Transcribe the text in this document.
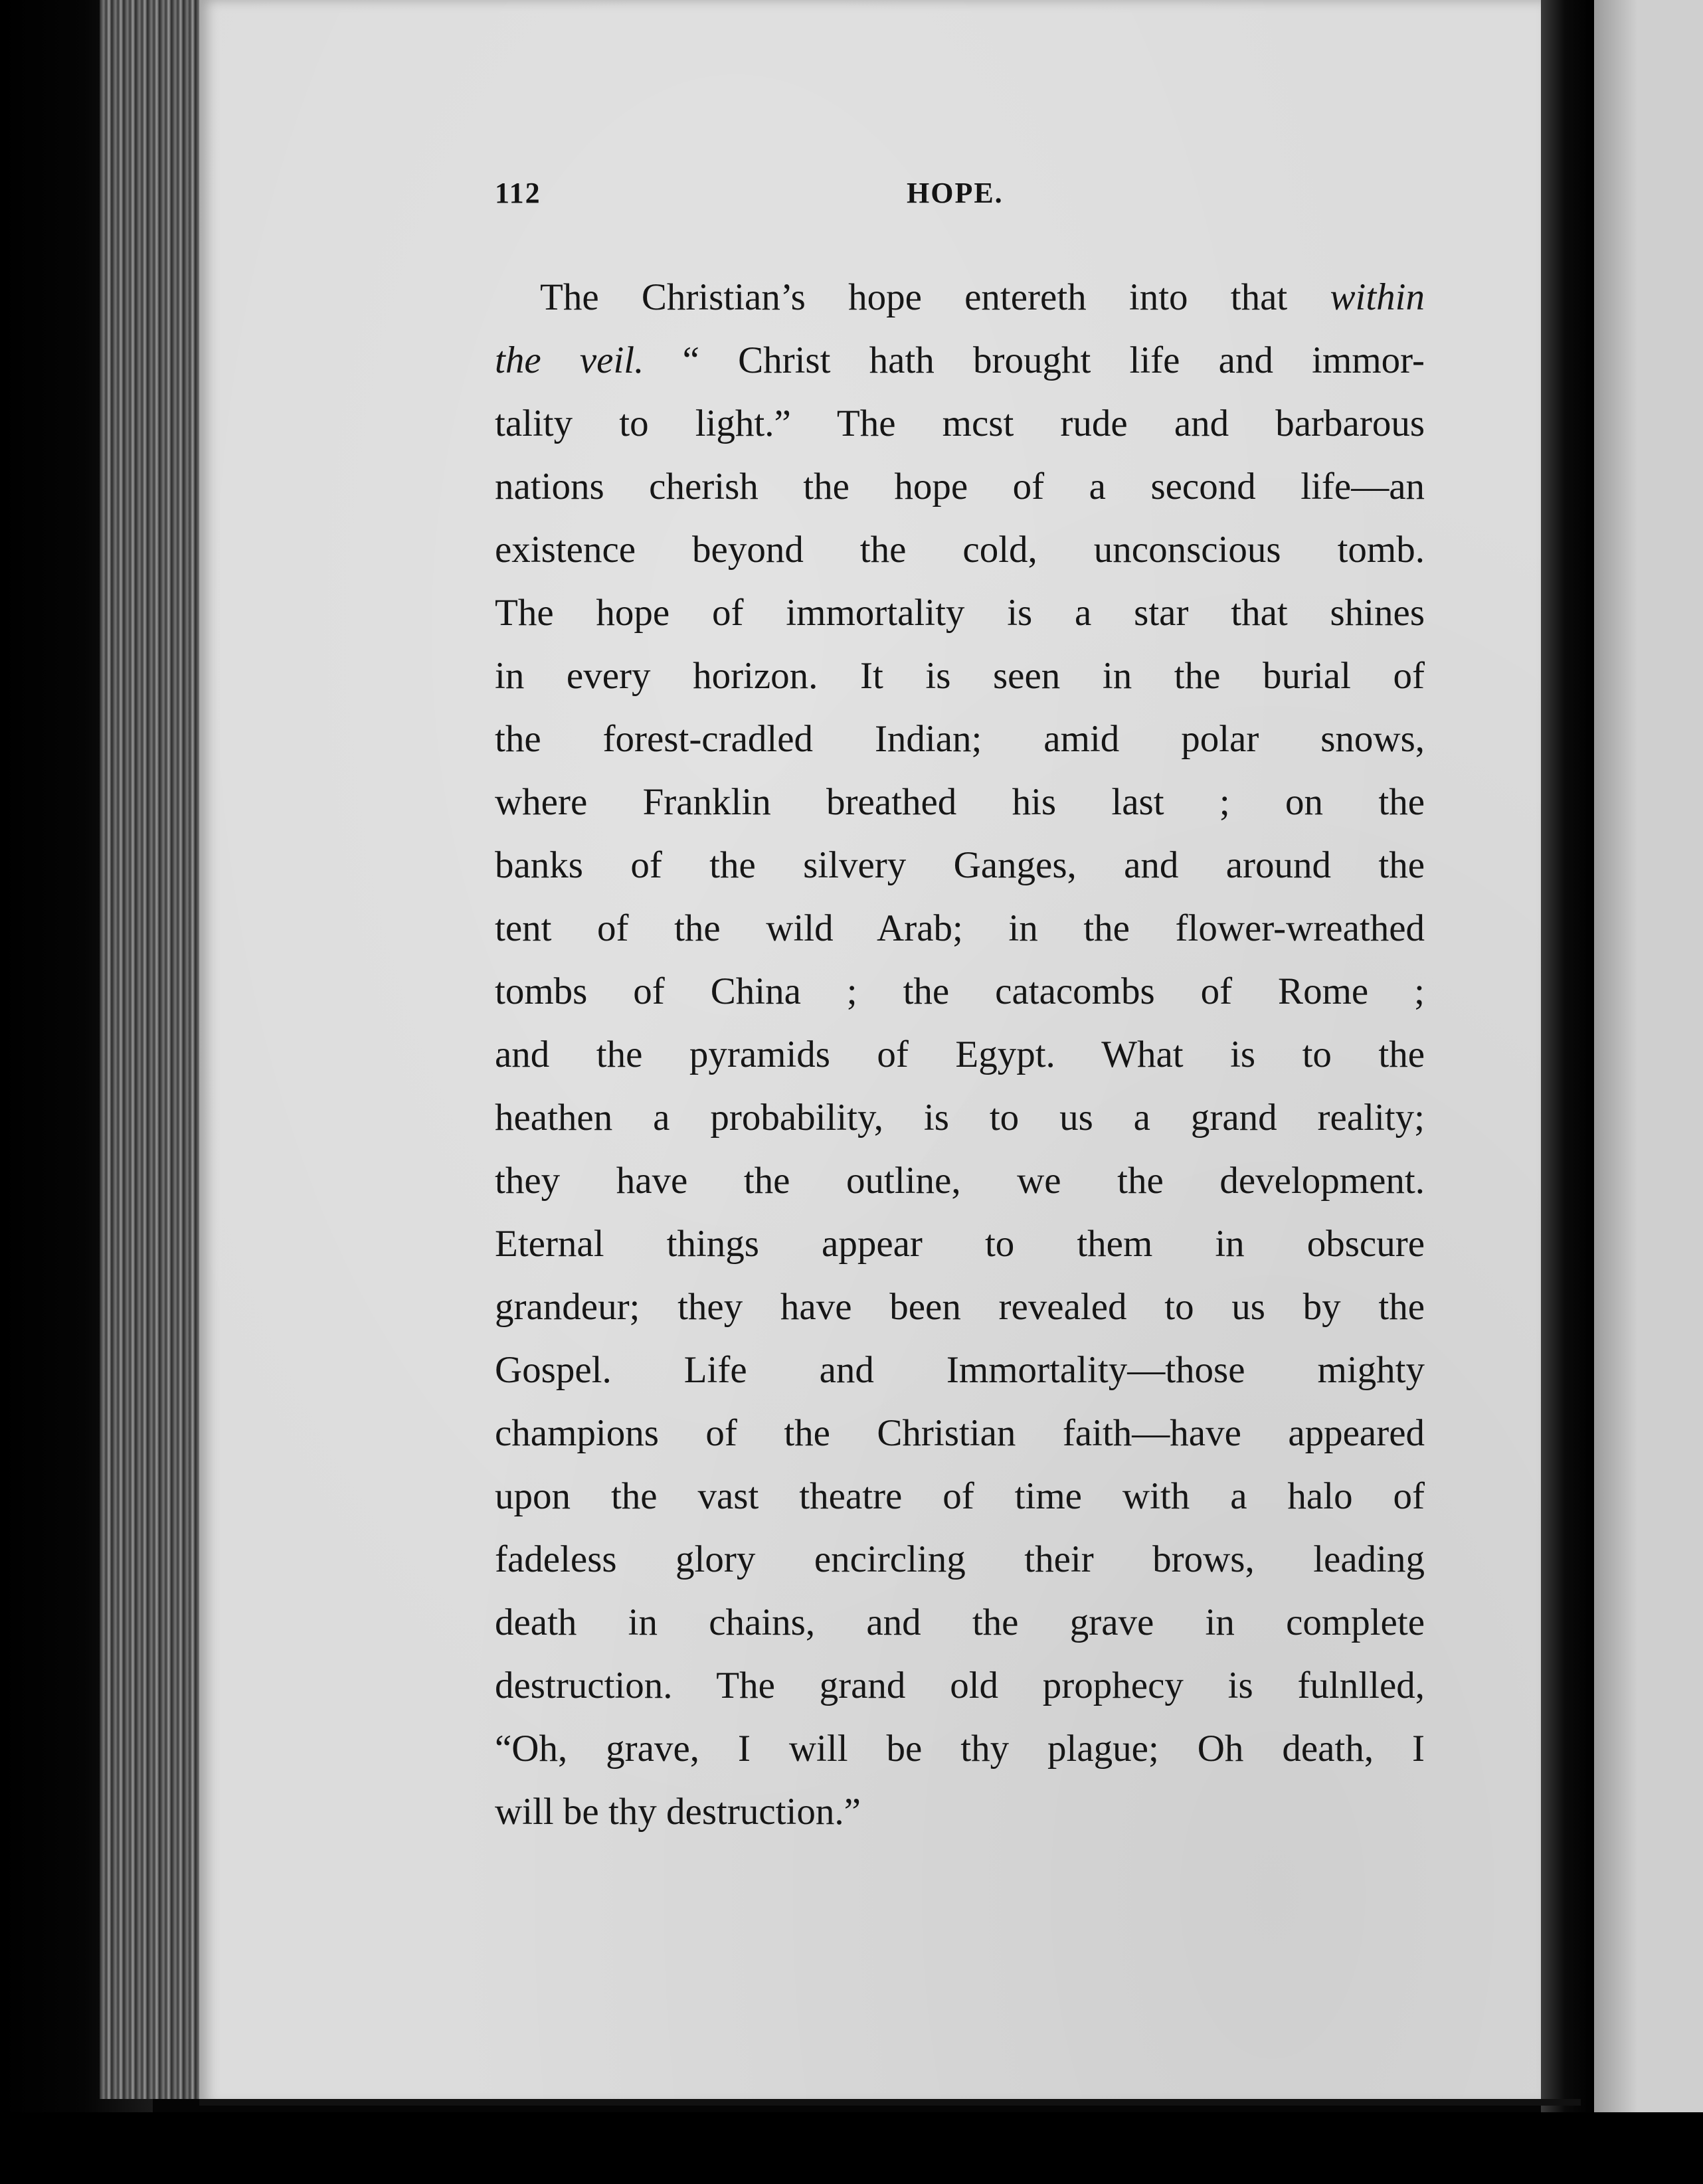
112	HOPE.
The Christian’s hope entereth into that within
the veil. “ Christ hath brought life and immor-
tality to light.” The mcst rude and barbarous
nations cherish the hope of a second life—an
existence beyond the cold, unconscious tomb.
The hope of immortality is a star that shines
in every horizon. It is seen in the burial of
the forest-cradled Indian; amid polar snows,
where Franklin breathed his last ; on the
banks of the silvery Ganges, and around the
tent of the wild Arab; in the flower-wreathed
tombs of China ; the catacombs of Rome ;
and the pyramids of Egypt. What is to the
heathen a probability, is to us a grand reality;
they have the outline, we the development.
Eternal things appear to them in obscure
grandeur; they have been revealed to us by the
Gospel. Life and Immortality—those mighty
champions of the Christian faith—have appeared
upon the vast theatre of time with a halo of
fadeless glory encircling their brows, leading
death in chains, and the grave in complete
destruction. The grand old prophecy is fulnlled,
“Oh, grave, I will be thy plague; Oh death, I
will be thy destruction.”
